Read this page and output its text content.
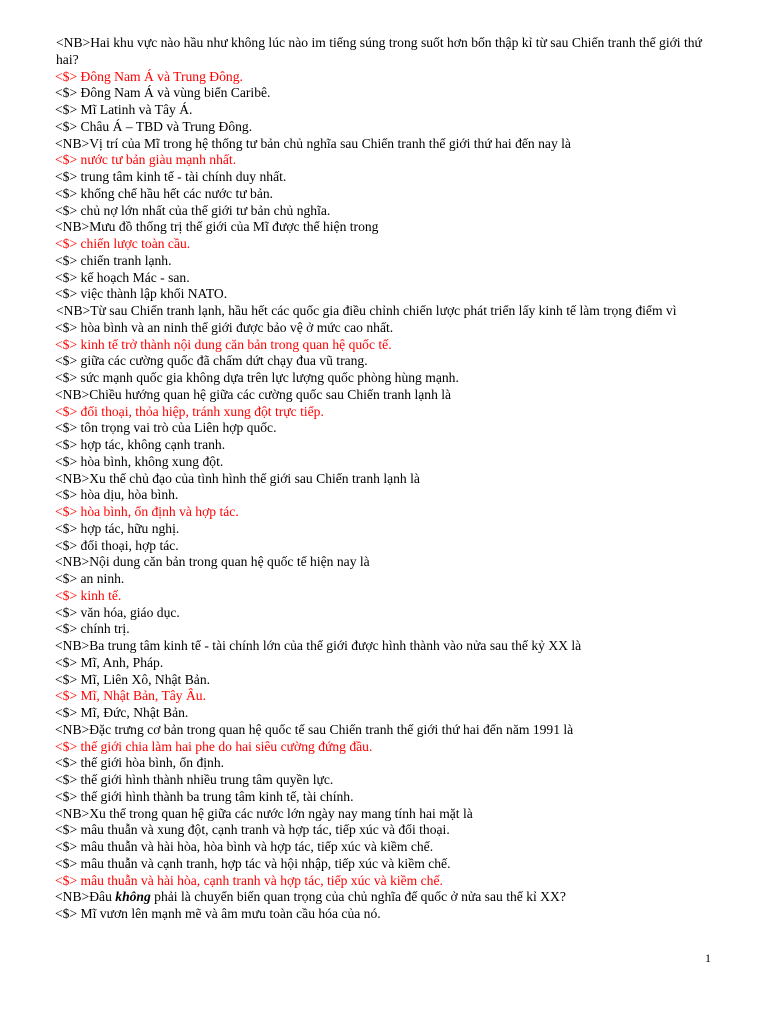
<NB>Hai khu vực nào hầu như không lúc nào im tiếng súng trong suốt hơn bốn thập kỉ từ sau Chiến tranh thế giới thứ hai?
<$> Đông Nam Á và Trung Đông.
<$> Đông Nam Á và vùng biển Caribê.
<$> Mĩ Latinh và Tây Á.
<$> Châu Á – TBD và Trung Đông.
<NB>Vị trí của Mĩ trong hệ thống tư bản chủ nghĩa sau Chiến tranh thế giới thứ hai đến nay là
<$> nước tư bản giàu mạnh nhất.
<$> trung tâm kinh tế - tài chính duy nhất.
<$> khống chế hầu hết các nước tư bản.
<$> chủ nợ lớn nhất của thế giới tư bản chủ nghĩa.
<NB>Mưu đồ thống trị thế giới của Mĩ được thể hiện trong
<$> chiến lược toàn cầu.
<$> chiến tranh lạnh.
<$> kế hoạch Mác - san.
<$> việc thành lập khối NATO.
<NB>Từ sau Chiến tranh lạnh, hầu hết các quốc gia điều chỉnh chiến lược phát triển lấy kinh tế làm trọng điểm vì
<$> hòa bình và an ninh thế giới được bảo vệ ở mức cao nhất.
<$> kinh tế trở thành nội dung căn bản trong quan hệ quốc tế.
<$> giữa các cường quốc đã chấm dứt chạy đua vũ trang.
<$> sức mạnh quốc gia không dựa trên lực lượng quốc phòng hùng mạnh.
<NB>Chiều hướng quan hệ giữa các cường quốc sau Chiến tranh lạnh là
<$> đối thoại, thỏa hiệp, tránh xung đột trực tiếp.
<$> tôn trọng vai trò của Liên hợp quốc.
<$> hợp tác, không cạnh tranh.
<$> hòa bình, không xung đột.
<NB>Xu thế chủ đạo của tình hình thế giới sau Chiến tranh lạnh là
<$> hòa dịu, hòa bình.
<$> hòa bình, ổn định và hợp tác.
<$> hợp tác, hữu nghị.
<$> đối thoại, hợp tác.
<NB>Nội dung căn bản trong quan hệ quốc tế hiện nay là
<$> an ninh.
<$> kinh tế.
<$> văn hóa, giáo dục.
<$> chính trị.
<NB>Ba trung tâm kinh tế - tài chính lớn của thế giới được hình thành vào nửa sau thế kỷ XX là
<$> Mĩ, Anh, Pháp.
<$> Mĩ, Liên Xô, Nhật Bản.
<$> Mĩ, Nhật Bản, Tây Âu.
<$> Mĩ, Đức, Nhật Bản.
<NB>Đặc trưng cơ bản trong quan hệ quốc tế sau Chiến tranh thế giới thứ hai đến năm 1991 là
<$> thế giới chia làm hai phe do hai siêu cường đứng đầu.
<$> thế giới hòa bình, ổn định.
<$> thế giới hình thành nhiều trung tâm quyền lực.
<$> thế giới hình thành ba trung tâm kinh tế, tài chính.
<NB>Xu thế trong quan hệ giữa các nước lớn ngày nay mang tính hai mặt là
<$> mâu thuẫn và xung đột, cạnh tranh và hợp tác, tiếp xúc và đối thoại.
<$> mâu thuẫn và hài hòa, hòa bình và hợp tác, tiếp xúc và kiềm chế.
<$> mâu thuẫn và cạnh tranh, hợp tác và hội nhập, tiếp xúc và kiềm chế.
<$> mâu thuẫn và hài hòa, cạnh tranh và hợp tác, tiếp xúc và kiềm chế.
<NB>Đâu không phải là chuyển biến quan trọng của chủ nghĩa đế quốc ở nửa sau thế kỉ XX?
<$> Mĩ vươn lên mạnh mẽ và âm mưu toàn cầu hóa của nó.
1
